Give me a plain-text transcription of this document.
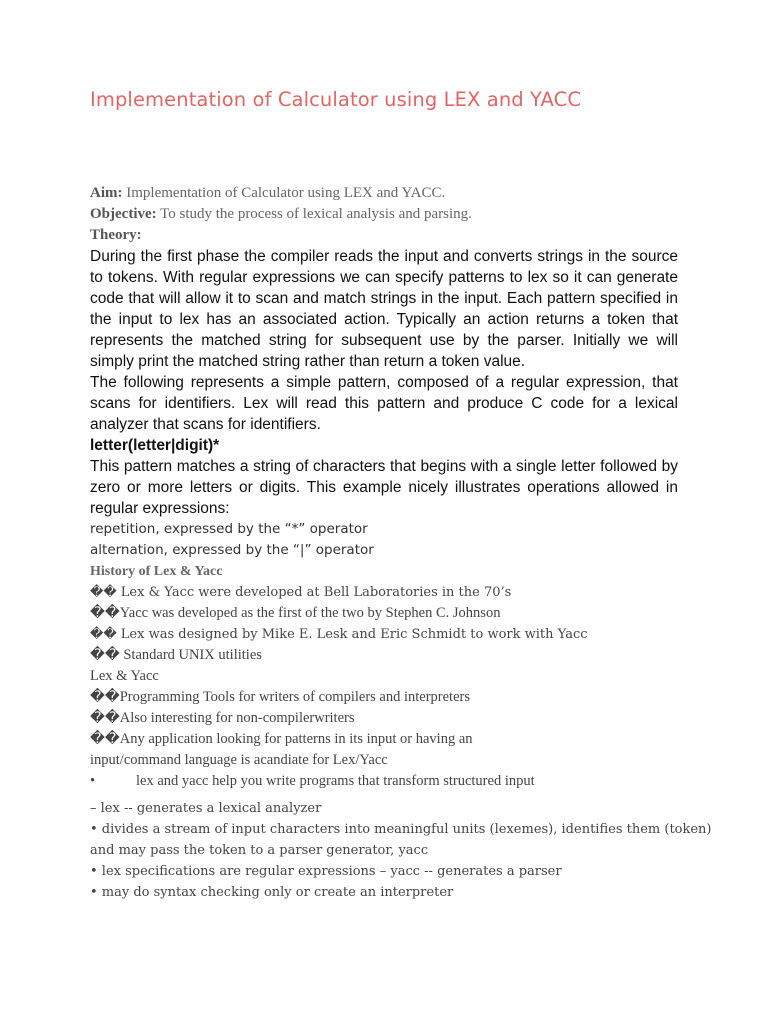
Implementation of Calculator using LEX and YACC

Aim: Implementation of Calculator using LEX and YACC.

Objective: To study the process of lexical analysis and parsing.

Theory:

During the first phase the compiler reads the input and converts strings in the source to tokens. With regular expressions we can specify patterns to lex so it can generate code that will allow it to scan and match strings in the input. Each pattern specified in the input to lex has an associated action. Typically an action returns a token that represents the matched string for subsequent use by the parser. Initially we will simply print the matched string rather than return a token value.

The following represents a simple pattern, composed of a regular expression, that scans for identifiers. Lex will read this pattern and produce C code for a lexical analyzer that scans for identifiers.

letter(letter|digit)*

This pattern matches a string of characters that begins with a single letter followed by zero or more letters or digits. This example nicely illustrates operations allowed in regular expressions:

repetition, expressed by the “*” operator

alternation, expressed by the “|” operator

History of Lex & Yacc

�� Lex & Yacc were developed at Bell Laboratories in the 70’s

��Yacc was developed as the first of the two by Stephen C. Johnson

�� Lex was designed by Mike E. Lesk and Eric Schmidt to work with Yacc

�� Standard UNIX utilities

Lex & Yacc

��Programming Tools for writers of compilers and interpreters

��Also interesting for non-compilerwriters

��Any application looking for patterns in its input or having an

input/command language is acandiate for Lex/Yacc

•	lex and yacc help you write programs that transform structured input

– lex -- generates a lexical analyzer

• divides a stream of input characters into meaningful units (lexemes), identifies them (token)

and may pass the token to a parser generator, yacc

• lex specifications are regular expressions – yacc -- generates a parser

• may do syntax checking only or create an interpreter
